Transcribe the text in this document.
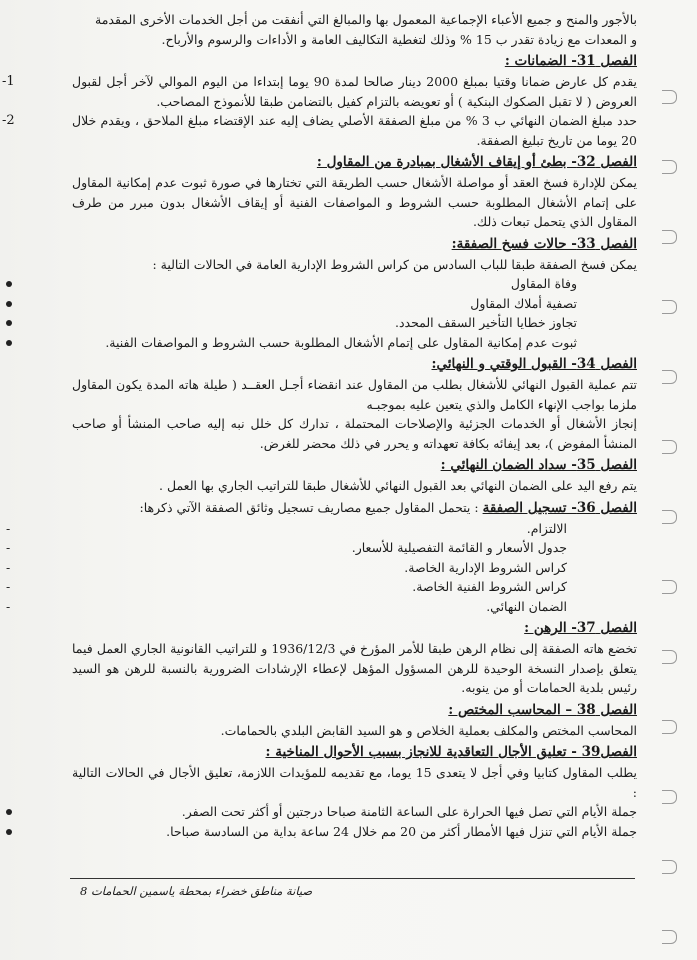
بالأجور والمنح و جميع الأعباء الإجماعية المعمول بها والمبالغ التي أنفقت من أجل الخدمات الأخرى المقدمة

و المعدات مع زيادة تقدر ب 15 % وذلك لتغطية التكاليف العامة و الأداءات والرسوم والأرباح.

الفصل 31- الضمانات :

-1	يقدم كل عارض ضمانا وقتيا بمبلغ 2000 دينار صالحا لمدة 90 يوما إبتداءا من اليوم الموالي لآخر أجل لقبول العروض ( لا تقبل الصكوك البنكية ) أو تعويضه بالتزام كفيل بالتضامن طبقا للأنموذج المصاحب.

-2	حدد مبلغ الضمان النهائي ب 3 % من مبلغ الصفقة الأصلي يضاف إليه عند الإقتضاء مبلغ الملاحق ، ويقدم خلال 20 يوما من تاريخ تبليغ الصفقة.

الفصل 32- بطئ أو إيقاف الأشغال بمبادرة من المقاول :

يمكن للإدارة فسخ العقد أو مواصلة الأشغال حسب الطريقة التي تختارها في صورة ثبوت عدم إمكانية المقاول على إتمام الأشغال المطلوبة حسب الشروط و المواصفات الفنية أو إيقاف الأشغال بدون مبرر من طرف المقاول الذي يتحمل تبعات ذلك.

الفصل 33- حالات فسخ الصفقة:

يمكن فسخ الصفقة طبقا للباب السادس من كراس الشروط الإدارية العامة في الحالات التالية :

وفاة المقاول
تصفية أملاك المقاول
تجاوز خطايا التأخير السقف المحدد.
ثبوت عدم إمكانية المقاول على إتمام الأشغال المطلوبة حسب الشروط و المواصفات الفنية.

الفصل 34- القبول الوقتي و النهائي:

تتم عملية القبول النهائي للأشغال بطلب من المقاول عند انقضاء أجـل العقــد ( طيلة هاته المدة يكون المقاول ملزما بواجب الإنهاء الكامل والذي يتعين عليه بموجبـه

إنجاز الأشغال أو الخدمات الجزئية والإصلاحات المحتملة ، تدارك كل خلل نبه إليه صاحب المنشأ أو صاحب المنشأ المفوض )، بعد إيفائه بكافة تعهداته و يحرر في ذلك محضر للغرض.

الفصل 35- سداد الضمان النهائي :

يتم رفع اليد على الضمان النهائي بعد القبول النهائي للأشغال طبقا للتراتيب الجاري بها العمل .

الفصل 36- تسجيل الصفقة : يتحمل المقاول جميع مصاريف تسجيل وثائق الصفقة الآتي ذكرها:

- الالتزام.
- جدول الأسعار و القائمة التفصيلية للأسعار.
- كراس الشروط الإدارية الخاصة.
- كراس الشروط الفنية الخاصة.
- الضمان النهائي.

الفصل 37- الرهن :

تخضع هاته الصفقة إلى نظام الرهن طبقا للأمر المؤرخ في 1936/12/3 و للتراتيب القانونية الجاري العمل فيما يتعلق بإصدار النسخة الوحيدة للرهن المسؤول المؤهل لإعطاء الإرشادات الضرورية بالنسبة للرهن هو السيد رئيس بلدية الحمامات أو من ينوبه.

الفصل 38 – المحاسب المختص :

المحاسب المختص والمكلف بعملية الخلاص و هو السيد القابض البلدي بالحمامات.

الفصل39 - تعليق الأجال التعاقدية للانجاز بسبب الأحوال المناخية :

يطلب المقاول كتابيا وفي أجل لا يتعدى 15 يوما، مع تقديمه للمؤيدات اللازمة، تعليق الأجال في الحالات التالية :

جملة الأيام التي تصل فيها الحرارة على الساعة الثامنة صباحا درجتين أو أكثر تحت الصفر.
جملة الأيام التي تنزل فيها الأمطار أكثر من 20 مم خلال 24 ساعة بداية من السادسة صباحا.
صيانة مناطق خضراء بمحطة ياسمين الحمامات 8
